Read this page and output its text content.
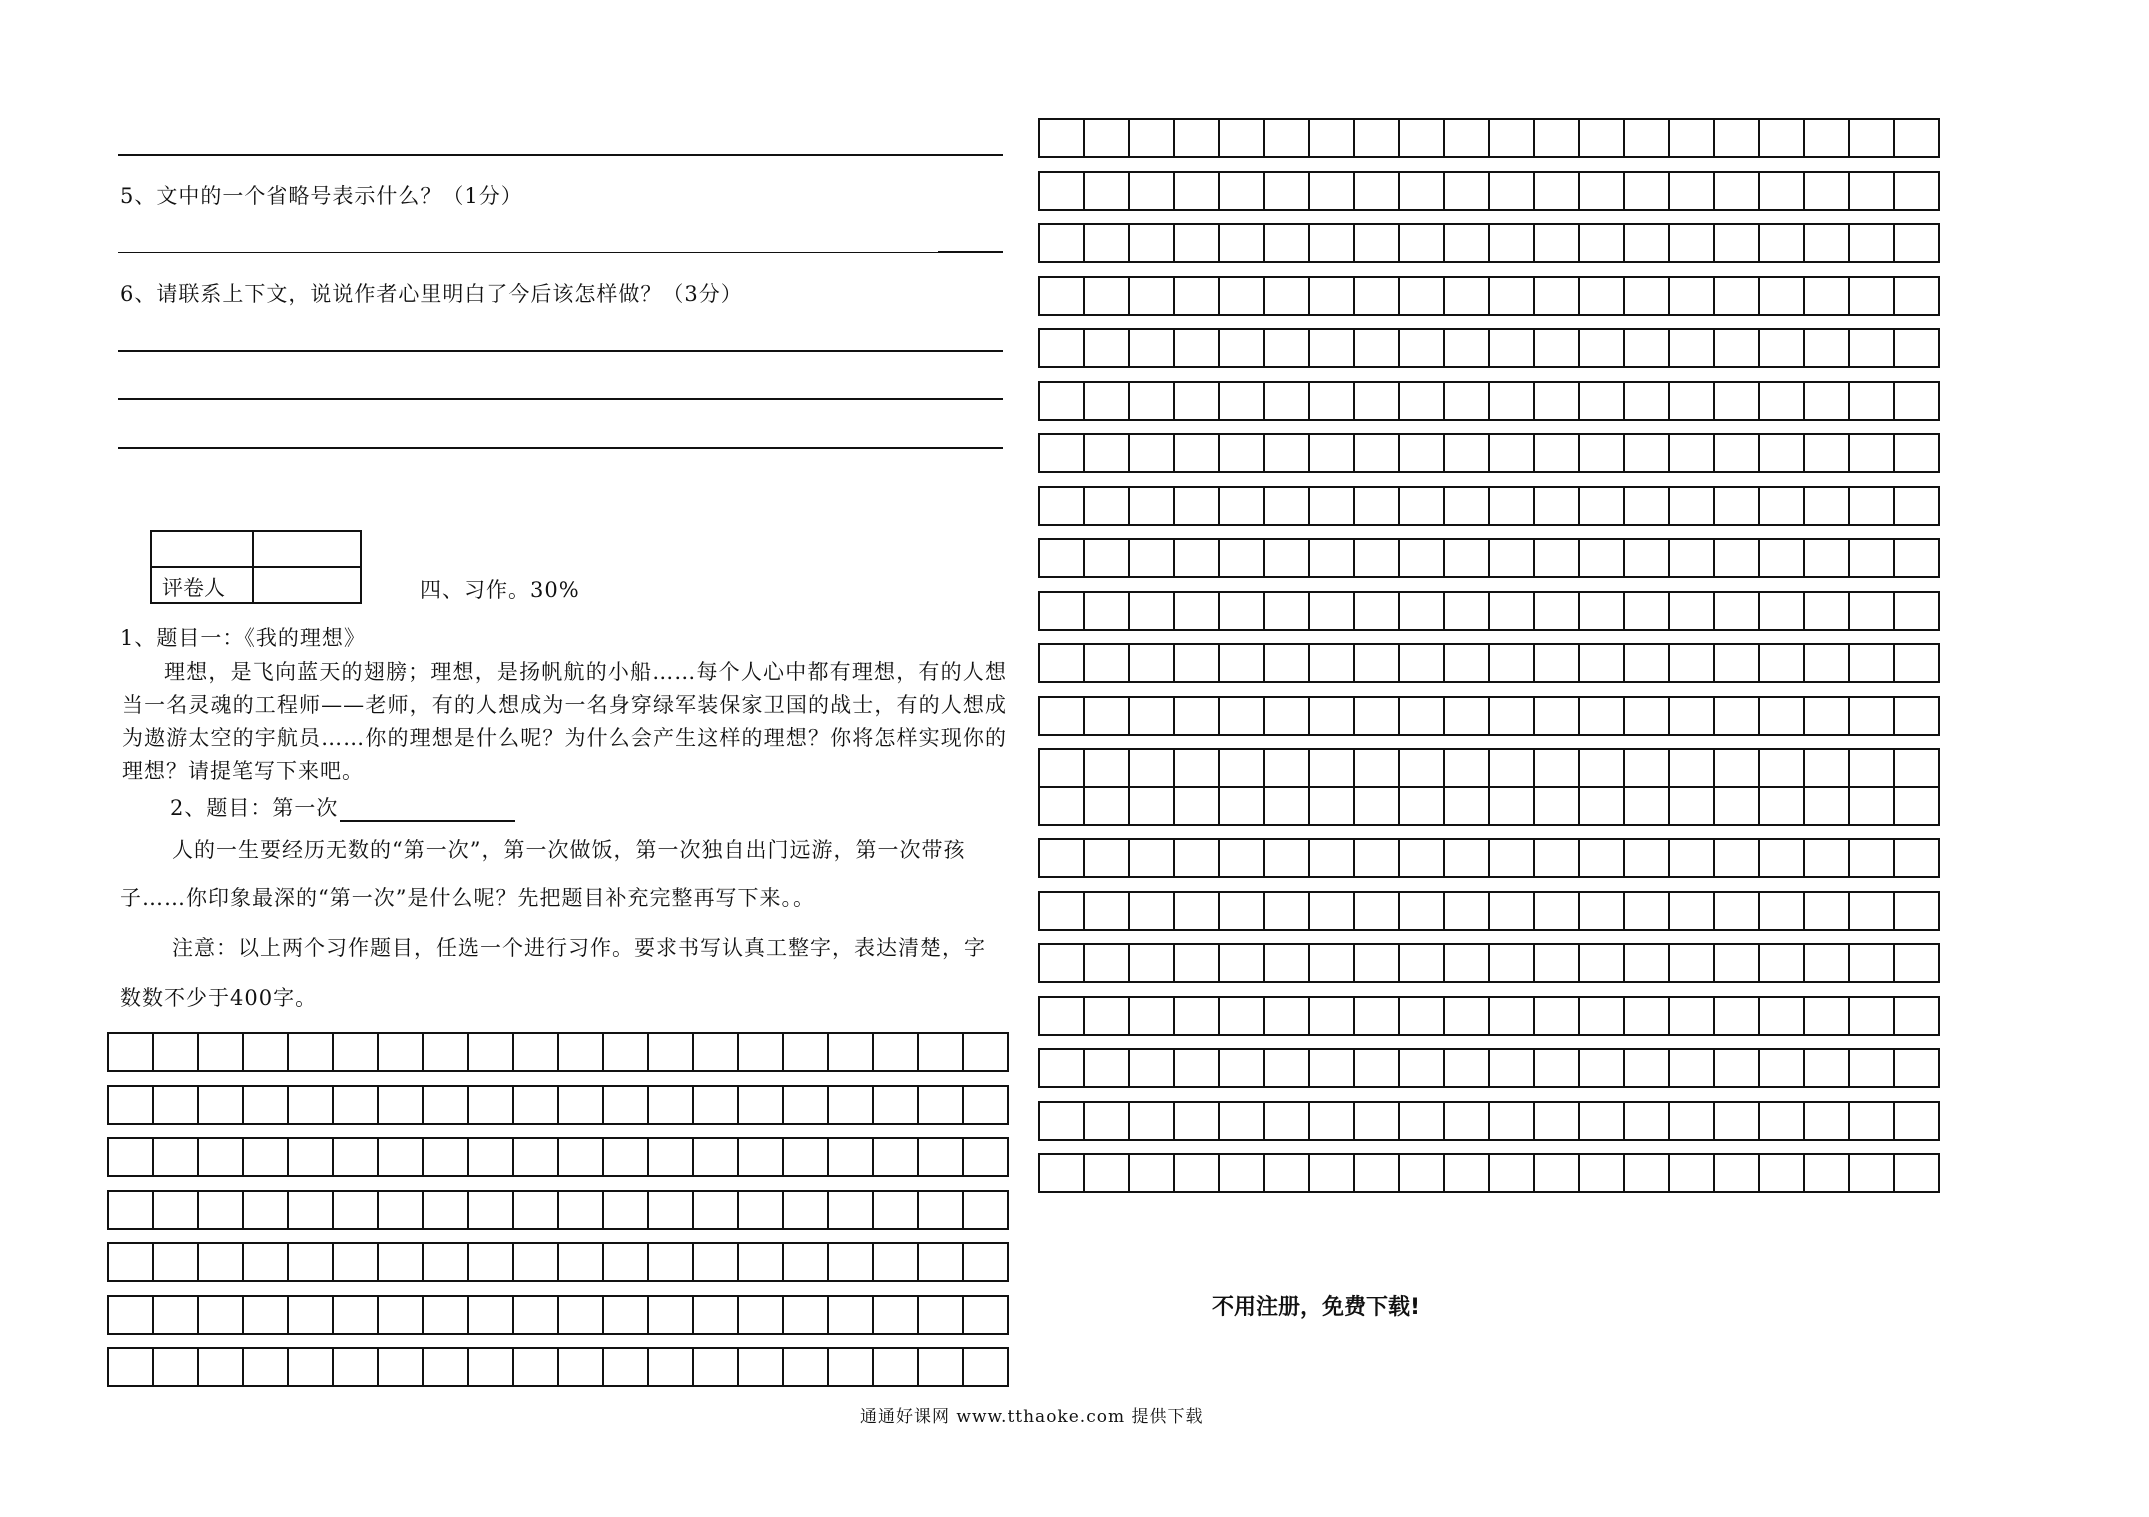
5、文中的一个省略号表示什么？（1分）
6、请联系上下文，说说作者心里明白了今后该怎样做？（3分）

评卷人		四、习作。30%
1、题目一：《我的理想》
理想，是飞向蓝天的翅膀；理想，是扬帆航的小船……每个人心中都有理想，有的人想当一名灵魂的工程师——老师，有的人想成为一名身穿绿军装保家卫国的战士，有的人想成为遨游太空的宇航员……你的理想是什么呢？为什么会产生这样的理想？你将怎样实现你的理想？请提笔写下来吧。
2、题目：第一次
人的一生要经历无数的“第一次”，第一次做饭，第一次独自出门远游，第一次带孩
子……你印象最深的“第一次”是什么呢？先把题目补充完整再写下来。。
注意：以上两个习作题目，任选一个进行习作。要求书写认真工整字，表达清楚，字
数数不少于400字。
不用注册，免费下载!
通通好课网 www.tthaoke.com 提供下载
